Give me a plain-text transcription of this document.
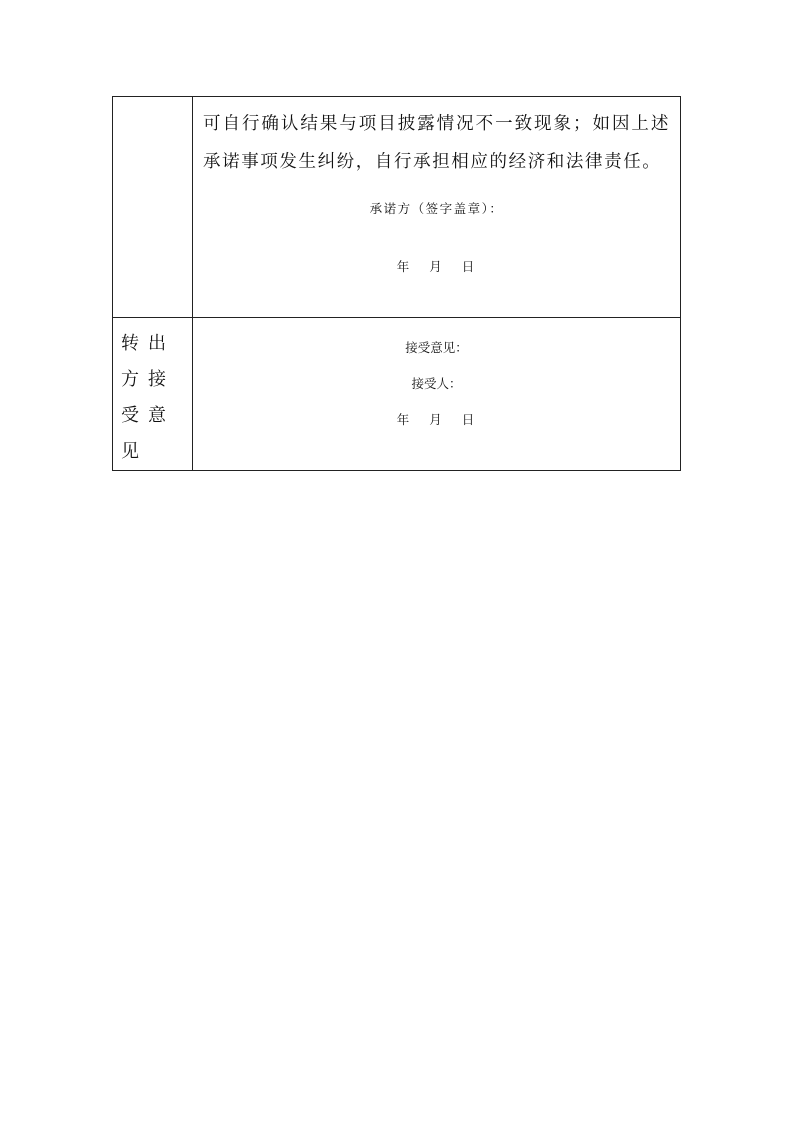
	可自行确认结果与项目披露情况不一致现象；如因上述承诺事项发生纠纷，自行承担相应的经济和法律责任。

承诺方（签字盖章）：
年 月 日

转出方接受意见	接受意见：
接受人：
年 月 日
